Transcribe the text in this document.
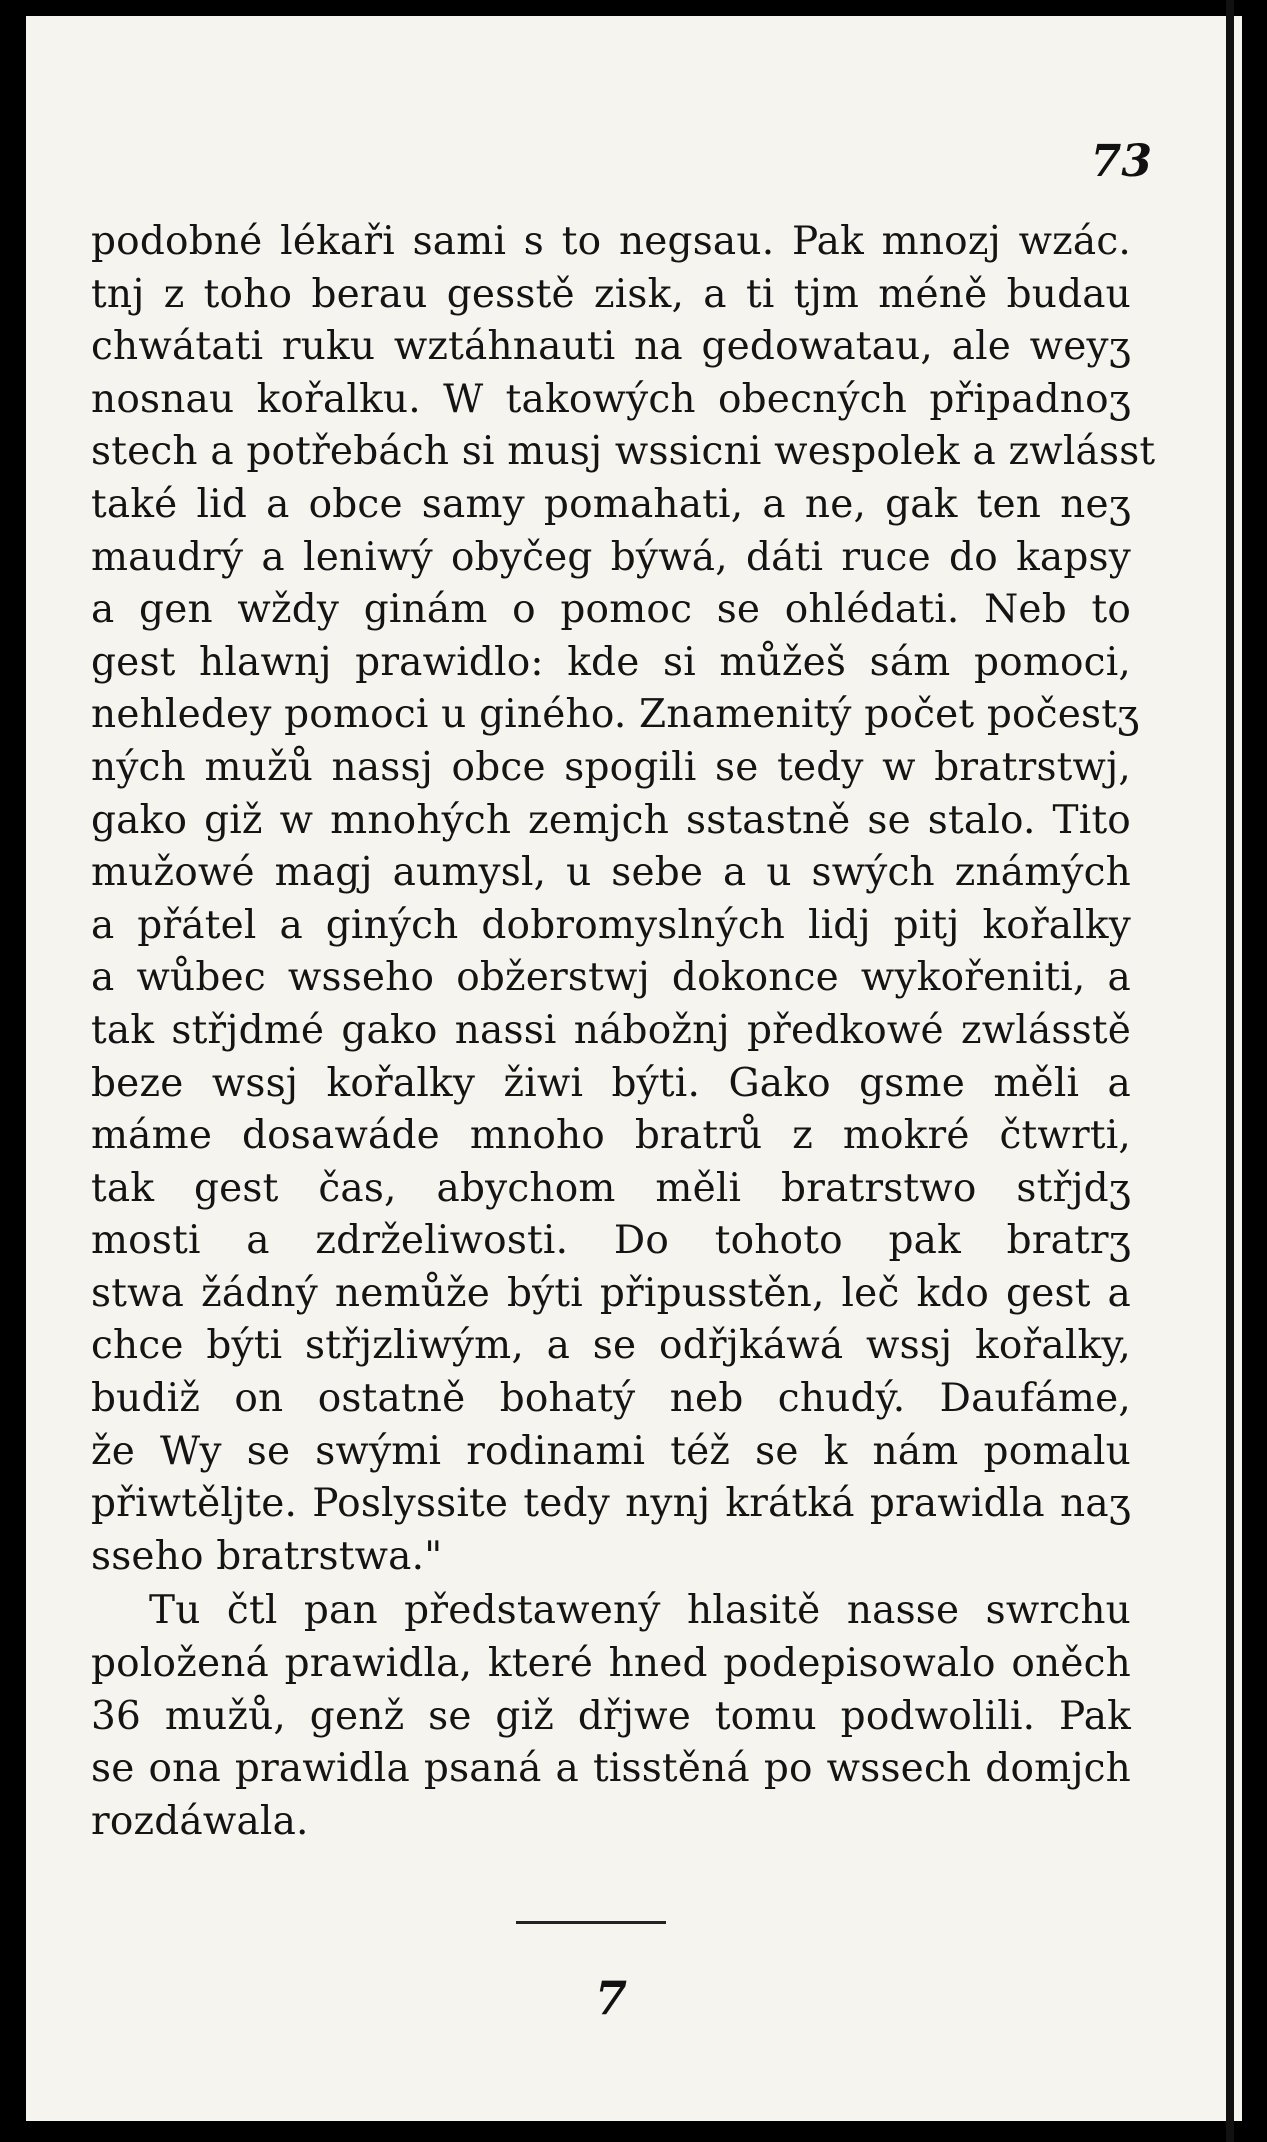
73

podobné lékaři sami s to negsau. Pak mnozj wzác.
tnj z toho berau gesstě zisk, a ti tjm méně budau
chwátati ruku wztáhnauti na gedowatau, ale weyʒ
nosnau kořalku. W takowých obecných připadnoʒ
stech a potřebách si musj wssicni wespolek a zwlásst
také lid a obce samy pomahati, a ne, gak ten neʒ
maudrý a leniwý obyčeg býwá, dáti ruce do kapsy
a gen wždy ginám o pomoc se ohlédati. Neb to
gest hlawnj prawidlo: kde si můžeš sám pomoci,
nehledey pomoci u giného. Znamenitý počet počestʒ
ných mužů nassj obce spogili se tedy w bratrstwj,
gako giž w mnohých zemjch sstastně se stalo. Tito
mužowé magj aumysl, u sebe a u swých známých
a přátel a giných dobromyslných lidj pitj kořalky
a wůbec wsseho obžerstwj dokonce wykořeniti, a
tak střjdmé gako nassi nábožnj předkowé zwlásstě
beze wssj kořalky žiwi býti. Gako gsme měli a
máme dosawáde mnoho bratrů z mokré čtwrti,
tak gest čas, abychom měli bratrstwo střjdʒ
mosti a zdrželiwosti. Do tohoto pak bratrʒ
stwa žádný nemůže býti připusstěn, leč kdo gest a
chce býti střjzliwým, a se odřjkáwá wssj kořalky,
budiž on ostatně bohatý neb chudý. Daufáme,
že Wy se swými rodinami též se k nám pomalu
přiwtěljte. Poslyssite tedy nynj krátká prawidla naʒ
sseho bratrstwa."

Tu čtl pan předstawený hlasitě nasse swrchu
položená prawidla, které hned podepisowalo oněch
36 mužů, genž se giž dřjwe tomu podwolili. Pak
se ona prawidla psaná a tisstěná po wssech domjch
rozdáwala.

7
